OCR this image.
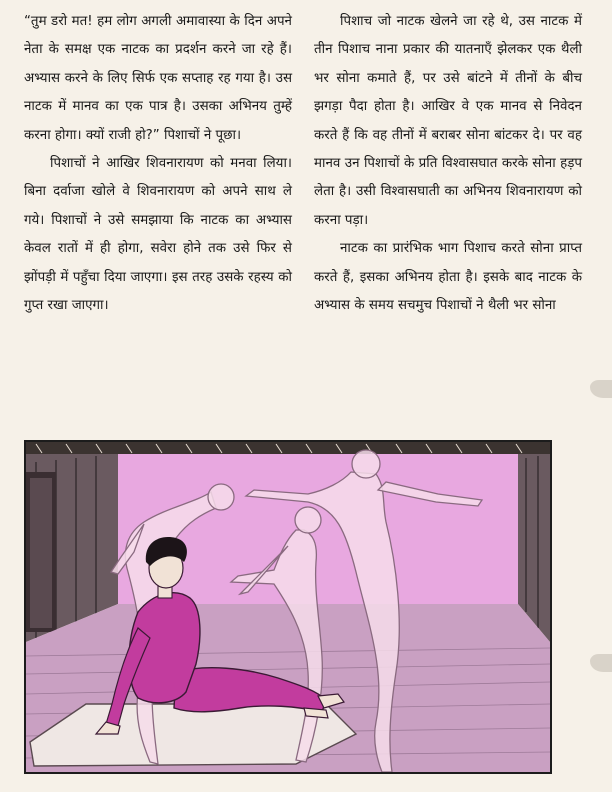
“तुम डरो मत! हम लोग अगली अमावास्या के दिन अपने नेता के समक्ष एक नाटक का प्रदर्शन करने जा रहे हैं। अभ्यास करने के लिए सिर्फ एक सप्ताह रह गया है। उस नाटक में मानव का एक पात्र है। उसका अभिनय तुम्हें करना होगा। क्यों राजी हो?” पिशाचों ने पूछा।

पिशाचों ने आखिर शिवनारायण को मनवा लिया। बिना दर्वाजा खोले वे शिवनारायण को अपने साथ ले गये। पिशाचों ने उसे समझाया कि नाटक का अभ्यास केवल रातों में ही होगा, सवेरा होने तक उसे फिर से झोंपड़ी में पहुँचा दिया जाएगा। इस तरह उसके रहस्य को गुप्त रखा जाएगा।

पिशाच जो नाटक खेलने जा रहे थे, उस नाटक में तीन पिशाच नाना प्रकार की यातनाएँ झेलकर एक थैली भर सोना कमाते हैं, पर उसे बांटने में तीनों के बीच झगड़ा पैदा होता है। आखिर वे एक मानव से निवेदन करते हैं कि वह तीनों में बराबर सोना बांटकर दे। पर वह मानव उन पिशाचों के प्रति विश्वासघात करके सोना हड़प लेता है। उसी विश्वासघाती का अभिनय शिवनारायण को करना पड़ा।

नाटक का प्रारंभिक भाग पिशाच करते सोना प्राप्त करते हैं, इसका अभिनय होता है। इसके बाद नाटक के अभ्यास के समय सचमुच पिशाचों ने थैली भर सोना
